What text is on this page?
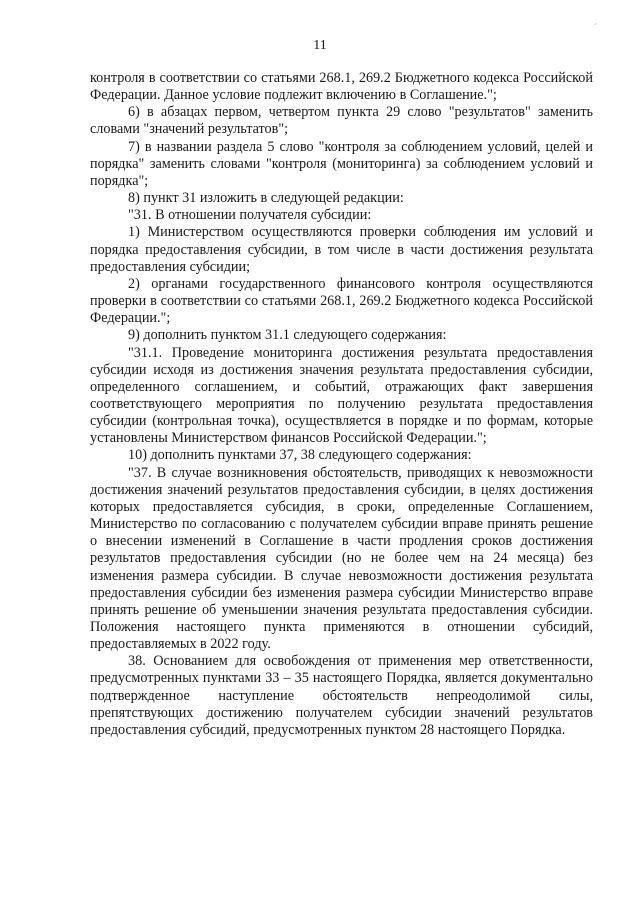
´
11

контроля в соответствии со статьями 268.1, 269.2 Бюджетного кодекса Российской Федерации. Данное условие подлежит включению в Соглашение.";

6) в абзацах первом, четвертом пункта 29 слово "результатов" заменить словами "значений результатов";

7) в названии раздела 5 слово "контроля за соблюдением условий, целей и порядка" заменить словами "контроля (мониторинга) за соблюдением условий и порядка";

8) пункт 31 изложить в следующей редакции:

"31. В отношении получателя субсидии:

1) Министерством осуществляются проверки соблюдения им условий и порядка предоставления субсидии, в том числе в части достижения результата предоставления субсидии;

2) органами государственного финансового контроля осуществляются проверки в соответствии со статьями 268.1, 269.2 Бюджетного кодекса Российской Федерации.";

9) дополнить пунктом 31.1 следующего содержания:

"31.1. Проведение мониторинга достижения результата предоставления субсидии исходя из достижения значения результата предоставления субсидии, определенного соглашением, и событий, отражающих факт завершения соответствующего мероприятия по получению результата предоставления субсидии (контрольная точка), осуществляется в порядке и по формам, которые установлены Министерством финансов Российской Федерации.";

10) дополнить пунктами 37, 38 следующего содержания:

"37. В случае возникновения обстоятельств, приводящих к невозможности достижения значений результатов предоставления субсидии, в целях достижения которых предоставляется субсидия, в сроки, определенные Соглашением, Министерство по согласованию с получателем субсидии вправе принять решение о внесении изменений в Соглашение в части продления сроков достижения результатов предоставления субсидии (но не более чем на 24 месяца) без изменения размера субсидии. В случае невозможности достижения результата предоставления субсидии без изменения размера субсидии Министерство вправе принять решение об уменьшении значения результата предоставления субсидии. Положения настоящего пункта применяются в отношении субсидий, предоставляемых в 2022 году.

38. Основанием для освобождения от применения мер ответственности, предусмотренных пунктами 33 – 35 настоящего Порядка, является документально подтвержденное наступление обстоятельств непреодолимой силы, препятствующих достижению получателем субсидии значений результатов предоставления субсидий, предусмотренных пунктом 28 настоящего Порядка.
